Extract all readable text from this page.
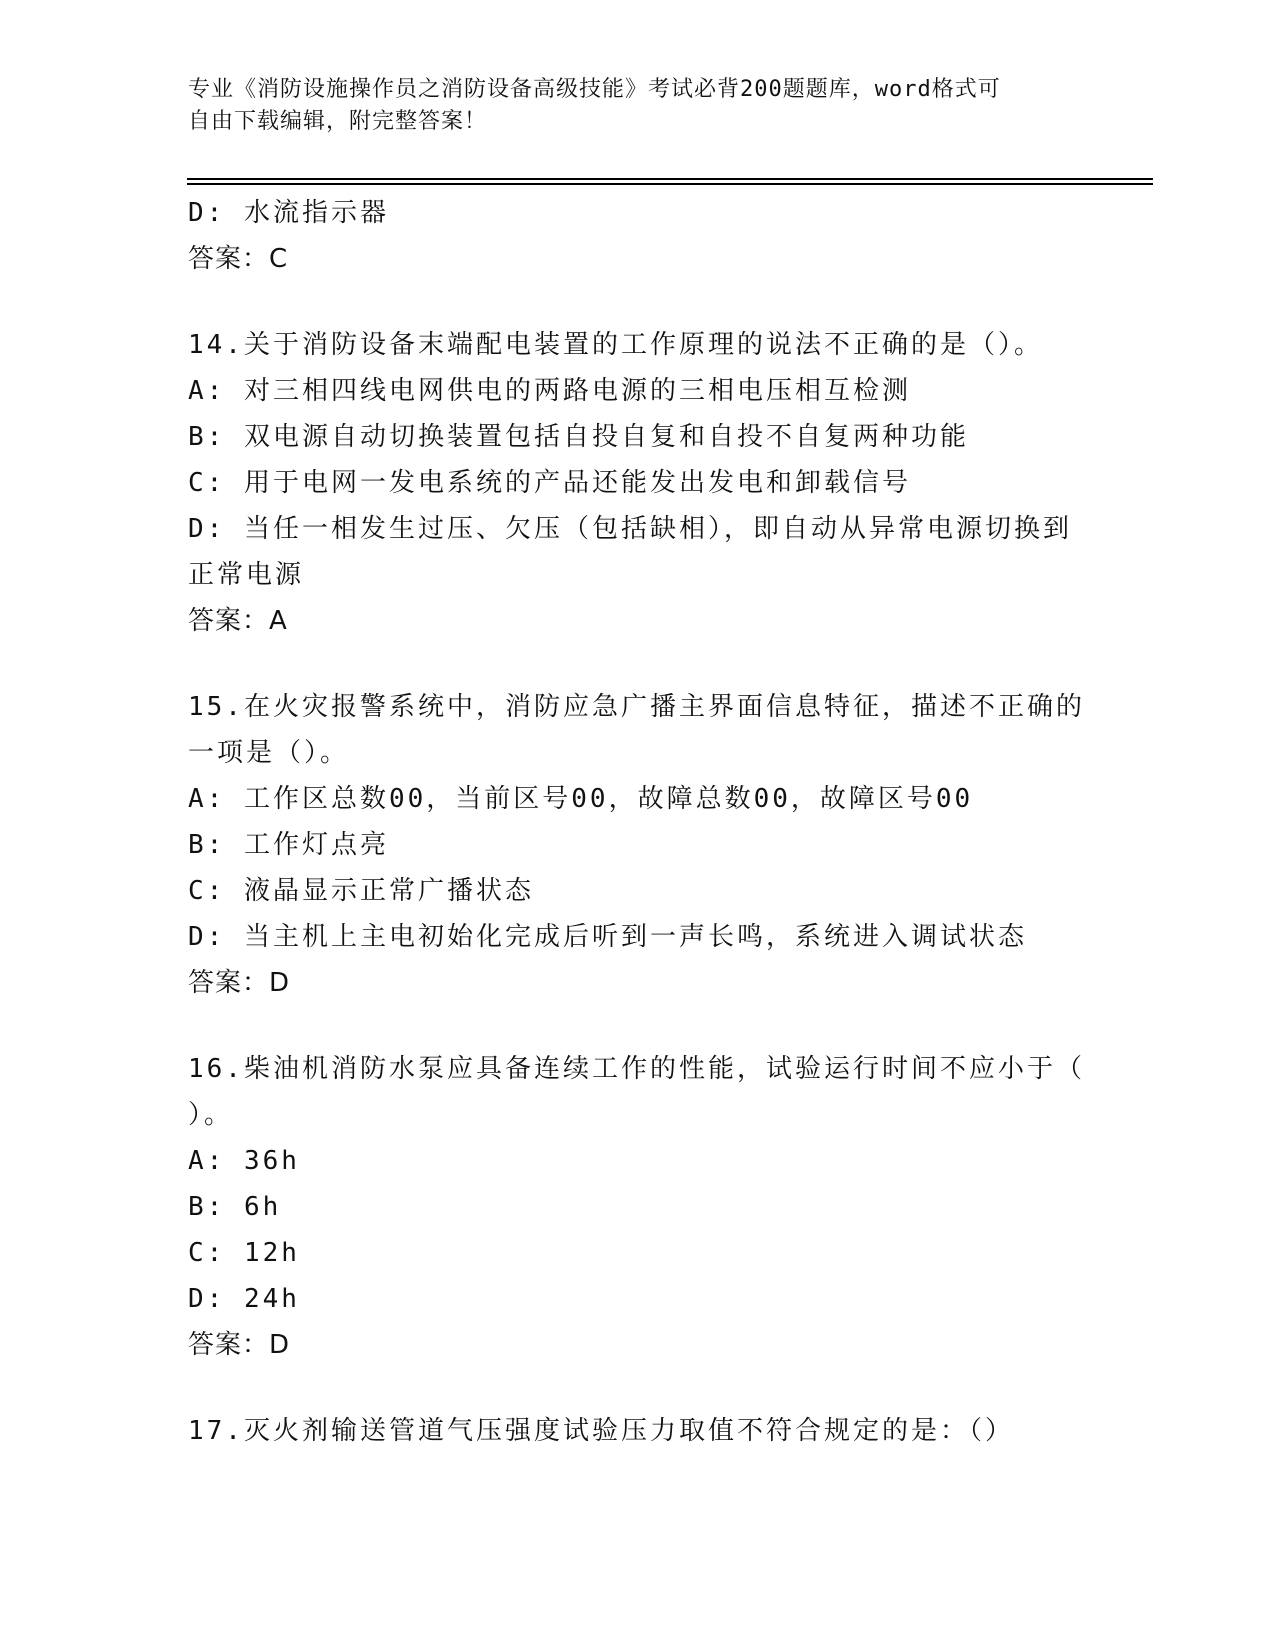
专业《消防设施操作员之消防设备高级技能》考试必背200题题库，word格式可

自由下载编辑，附完整答案！

D: 水流指示器

答案：C

14.关于消防设备末端配电装置的工作原理的说法不正确的是（）。

A: 对三相四线电网供电的两路电源的三相电压相互检测

B: 双电源自动切换装置包括自投自复和自投不自复两种功能

C: 用于电网一发电系统的产品还能发出发电和卸载信号

D: 当任一相发生过压、欠压（包括缺相），即自动从异常电源切换到

正常电源

答案：A

15.在火灾报警系统中，消防应急广播主界面信息特征，描述不正确的

一项是（）。

A: 工作区总数00，当前区号00，故障总数00，故障区号00

B: 工作灯点亮

C: 液晶显示正常广播状态

D: 当主机上主电初始化完成后听到一声长鸣，系统进入调试状态

答案：D

16.柴油机消防水泵应具备连续工作的性能，试验运行时间不应小于（

）。

A: 36h

B: 6h

C: 12h

D: 24h

答案：D

17.灭火剂输送管道气压强度试验压力取值不符合规定的是：（）
